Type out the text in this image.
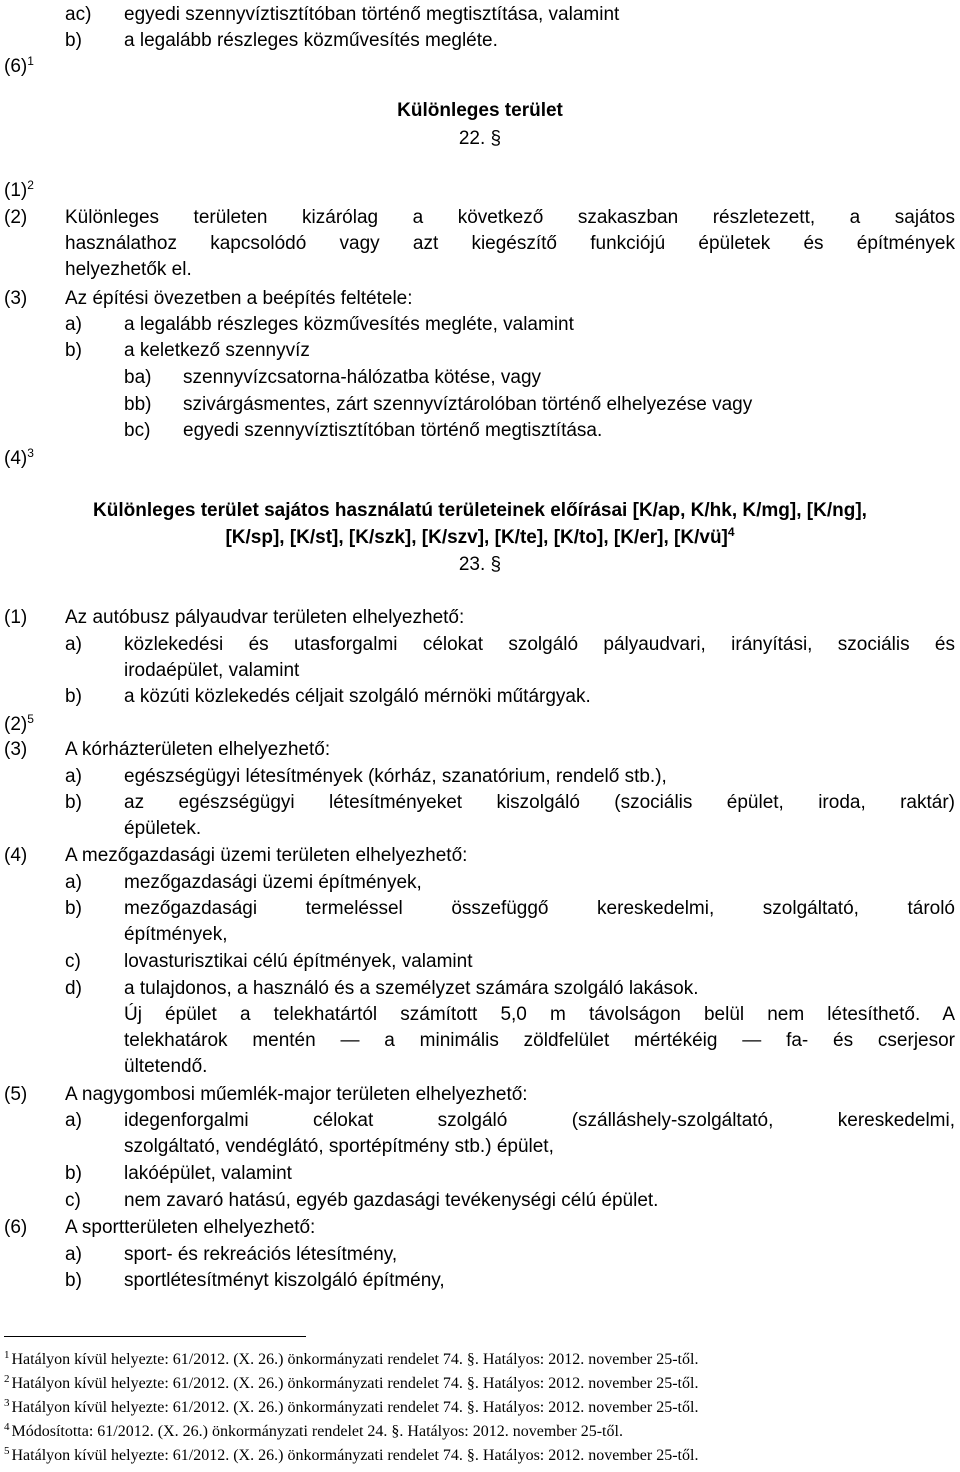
ac) egyedi szennyvíztisztítóban történő megtisztítása, valamint
b) a legalább részleges közművesítés megléte.
$(6)^1$
Különleges terület
22. §
$(1)^2$
(2) Különleges területen kizárólag a következő szakaszban részletezett, a sajátos
használathoz kapcsolódó vagy azt kiegészítő funkciójú épületek és építmények
helyezhetők el.
(3) Az építési övezetben a beépítés feltétele:
a) a legalább részleges közművesítés megléte, valamint
b) a keletkező szennyvíz
ba) szennyvízcsatorna-hálózatba kötése, vagy
bb) szivárgásmentes, zárt szennyvíztárolóban történő elhelyezése vagy
bc) egyedi szennyvíztisztítóban történő megtisztítása.
$(4)^3$
Különleges terület sajátos használatú területeinek előírásai [K/ap, K/hk, K/mg], [K/ng],
[K/sp], [K/st], [K/szk], [K/szv], [K/te], [K/to], [K/er], [K/vü]$^4$
23. §
(1) Az autóbusz pályaudvar területen elhelyezhető:
a) közlekedési és utasforgalmi célokat szolgáló pályaudvari, irányítási, szociális és
irodaépület, valamint
b) a közúti közlekedés céljait szolgáló mérnöki műtárgyak.
$(2)^5$
(3) A kórházterületen elhelyezhető:
a) egészségügyi létesítmények (kórház, szanatórium, rendelő stb.),
b) az egészségügyi létesítményeket kiszolgáló (szociális épület, iroda, raktár)
épületek.
(4) A mezőgazdasági üzemi területen elhelyezhető:
a) mezőgazdasági üzemi építmények,
b) mezőgazdasági termeléssel összefüggő kereskedelmi, szolgáltató, tároló
építmények,
c) lovasturisztikai célú építmények, valamint
d) a tulajdonos, a használó és a személyzet számára szolgáló lakások.
Új épület a telekhatártól számított 5,0 m távolságon belül nem létesíthető. A
telekhatárok mentén — a minimális zöldfelület mértékéig — fa- és cserjesor
ültetendő.
(5) A nagygombosi műemlék-major területen elhelyezhető:
a) idegenforgalmi célokat szolgáló (szálláshely-szolgáltató, kereskedelmi,
szolgáltató, vendéglátó, sportépítmény stb.) épület,
b) lakóépület, valamint
c) nem zavaró hatású, egyéb gazdasági tevékenységi célú épület.
(6) A sportterületen elhelyezhető:
a) sport- és rekreációs létesítmény,
b) sportlétesítményt kiszolgáló építmény,
$^1$ Hatályon kívül helyezte: 61/2012. (X. 26.) önkormányzati rendelet 74. §. Hatályos: 2012. november 25-től.
$^2$ Hatályon kívül helyezte: 61/2012. (X. 26.) önkormányzati rendelet 74. §. Hatályos: 2012. november 25-től.
$^3$ Hatályon kívül helyezte: 61/2012. (X. 26.) önkormányzati rendelet 74. §. Hatályos: 2012. november 25-től.
$^4$ Módosította: 61/2012. (X. 26.) önkormányzati rendelet 24. §. Hatályos: 2012. november 25-től.
$^5$ Hatályon kívül helyezte: 61/2012. (X. 26.) önkormányzati rendelet 74. §. Hatályos: 2012. november 25-től.
